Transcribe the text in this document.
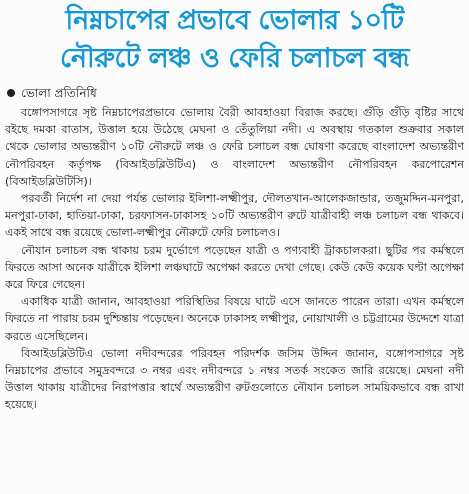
নিম্নচাপের প্রভাবে ভোলার ১০টি
নৌরুটে লঞ্চ ও ফেরি চলাচল বন্ধ
ভোলা প্রতিনিধি

বঙ্গোপসাগরে সৃষ্ট নিম্নচাপেরপ্রভাবে ভোলায় বৈরী আবহাওয়া বিরাজ করছে। গুঁড়ি গুঁড়ি বৃষ্টির সাথে বইছে দমকা বাতাস, উত্তাল হয়ে উঠেছে মেঘনা ও তেঁতুলিয়া নদী। এ অবস্থায় গতকাল শুক্রবার সকাল থেকে ভোলার অভ্যন্তরীণ ১০টি নৌরুটে লঞ্চ ও ফেরি চলাচল বন্ধ ঘোষণা করেছে বাংলাদেশ অভ্যন্তরীণ নৌপরিবহন কর্তৃপক্ষ (বিআইডব্লিউটিএ) ও বাংলাদেশ অভ্যন্তরীণ নৌপরিবহন করপোরেশন (বিআইডব্লিউটিসি)।

পরবর্তী নির্দেশ না দেয়া পর্যন্ত ভোলার ইলিশা-লক্ষ্মীপুর, দৌলতখান-আলেকজান্ডার, তজুমদ্দিন-মনপুরা, মনপুরা-ঢাকা, হাতিয়া-ঢাকা, চরফ্যাসন-ঢাকাসহ ১০টি অভ্যন্তরীণ রুটে যাত্রীবাহী লঞ্চ চলাচল বন্ধ থাকবে। একই সাথে বন্ধ রয়েছে ভোলা-লক্ষ্মীপুর নৌরুটে ফেরি চলাচলও।

নৌযান চলাচল বন্ধ থাকায় চরম দুর্ভোগে পড়েছেন যাত্রী ও পণ্যবাহী ট্রাকচালকরা। ছুটির পর কর্মস্থলে ফিরতে আসা অনেক যাত্রীকে ইলিশা লঞ্চঘাটে অপেক্ষা করতে দেখা গেছে। কেউ কেউ কয়েক ঘণ্টা অপেক্ষা করে ফিরে গেছেন।

একাধিক যাত্রী জানান, আবহাওয়া পরিস্থিতির বিষয়ে ঘাটে এসে জানতে পারেন তারা। এখন কর্মস্থলে ফিরতে না পারায় চরম দুশ্চিন্তায় পড়েছেন। অনেকে ঢাকাসহ লক্ষ্মীপুর, নোয়াখালী ও চট্টগ্রামের উদ্দেশে যাত্রা করতে এসেছিলেন।

বিআইডব্লিউটিএ ভোলা নদীবন্দরের পরিবহন পরিদর্শক জসিম উদ্দিন জানান, বঙ্গোপসাগরে সৃষ্ট নিম্নচাপের প্রভাবে সমুদ্রবন্দরে ৩ নম্বর এবং নদীবন্দরে ১ নম্বর সতর্ক সংকেত জারি রয়েছে। মেঘনা নদী উত্তাল থাকায় যাত্রীদের নিরাপত্তার স্বার্থে অভ্যন্তরীণ রুটগুলোতে নৌযান চলাচল সাময়িকভাবে বন্ধ রাখা হয়েছে।
